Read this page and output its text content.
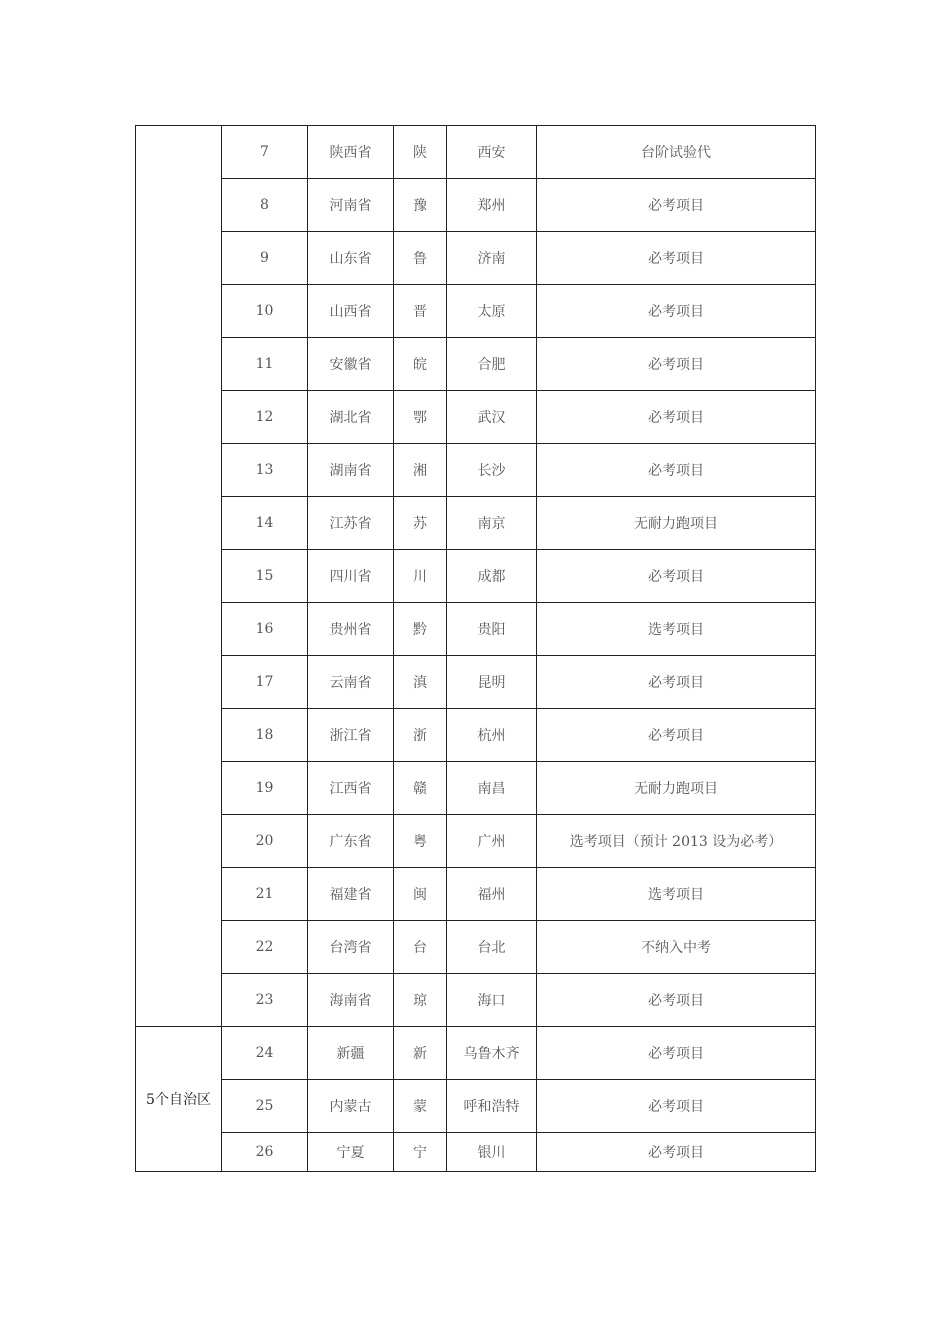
	7	陕西省	陕	西安	台阶试验代
	8	河南省	豫	郑州	必考项目
	9	山东省	鲁	济南	必考项目
	10	山西省	晋	太原	必考项目
	11	安徽省	皖	合肥	必考项目
	12	湖北省	鄂	武汉	必考项目
	13	湖南省	湘	长沙	必考项目
	14	江苏省	苏	南京	无耐力跑项目
	15	四川省	川	成都	必考项目
	16	贵州省	黔	贵阳	选考项目
	17	云南省	滇	昆明	必考项目
	18	浙江省	浙	杭州	必考项目
	19	江西省	赣	南昌	无耐力跑项目
	20	广东省	粤	广州	选考项目（预计 2013 设为必考）
	21	福建省	闽	福州	选考项目
	22	台湾省	台	台北	不纳入中考
	23	海南省	琼	海口	必考项目
5个自治区	24	新疆	新	乌鲁木齐	必考项目
	25	内蒙古	蒙	呼和浩特	必考项目
	26	宁夏	宁	银川	必考项目
